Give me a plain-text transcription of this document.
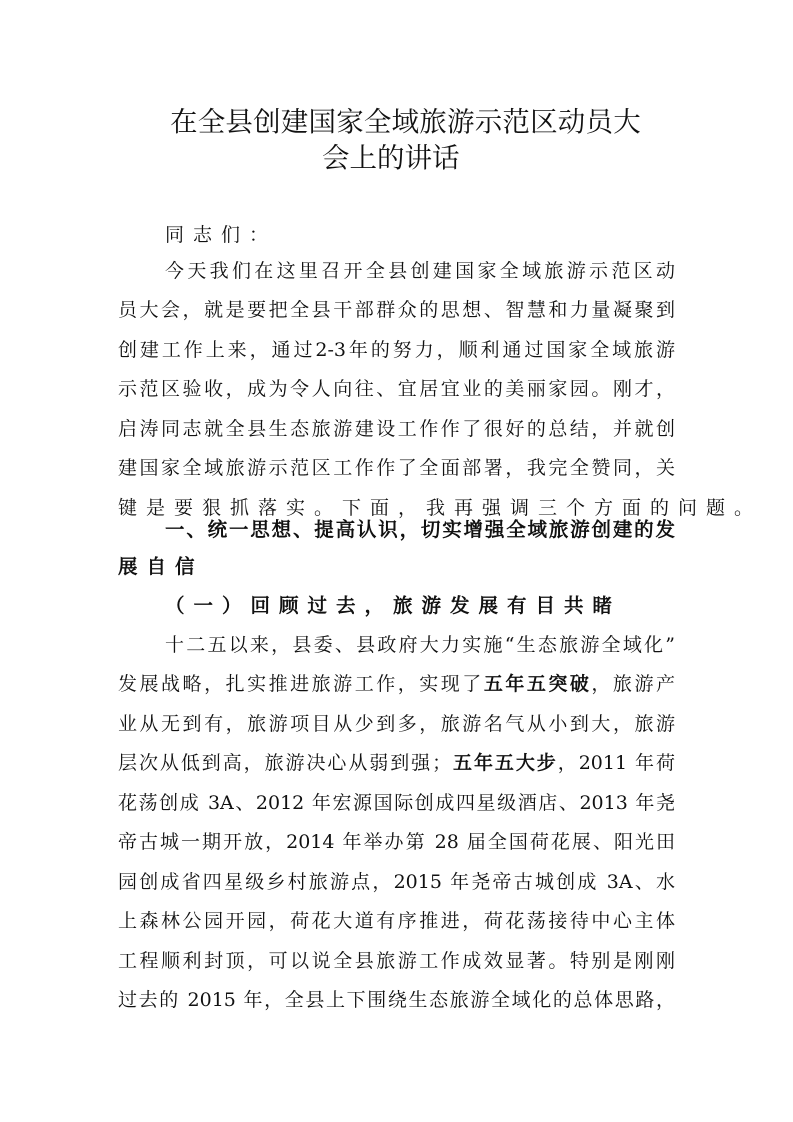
在全县创建国家全域旅游示范区动员大
会上的讲话
同志们：
今天我们在这里召开全县创建国家全域旅游示范区动
员大会，就是要把全县干部群众的思想、智慧和力量凝聚到
创建工作上来，通过2-3年的努力，顺利通过国家全域旅游
示范区验收，成为令人向往、宜居宜业的美丽家园。刚才，
启涛同志就全县生态旅游建设工作作了很好的总结，并就创
建国家全域旅游示范区工作作了全面部署，我完全赞同，关
键是要狠抓落实。下面，我再强调三个方面的问题。
一、统一思想、提高认识，切实增强全域旅游创建的发
展自信
（一）回顾过去，旅游发展有目共睹
十二五以来，县委、县政府大力实施“生态旅游全域化”
发展战略，扎实推进旅游工作，实现了五年五突破，旅游产
业从无到有，旅游项目从少到多，旅游名气从小到大，旅游
层次从低到高，旅游决心从弱到强；五年五大步，2011 年荷
花荡创成 3A、2012 年宏源国际创成四星级酒店、2013 年尧
帝古城一期开放，2014 年举办第 28 届全国荷花展、阳光田
园创成省四星级乡村旅游点，2015 年尧帝古城创成 3A、水
上森林公园开园，荷花大道有序推进，荷花荡接待中心主体
工程顺利封顶，可以说全县旅游工作成效显著。特别是刚刚
过去的 2015 年，全县上下围绕生态旅游全域化的总体思路，
